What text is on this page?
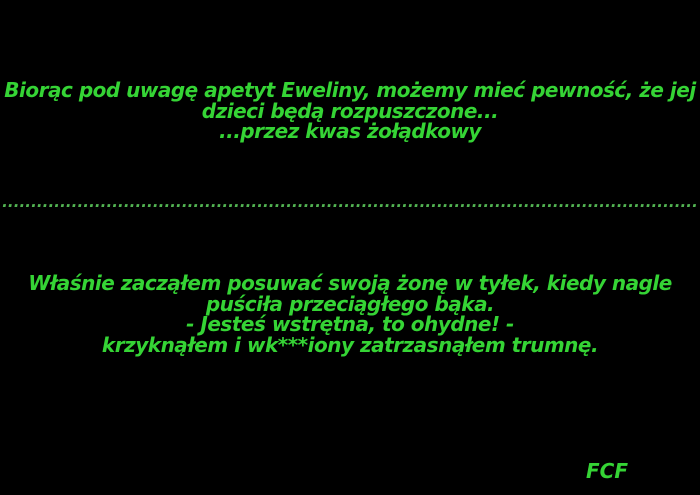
Biorąc pod uwagę apetyt Eweliny, możemy mieć pewność, że jej
dzieci będą rozpuszczone...
...przez kwas żołądkowy
........................................................................................................................
Właśnie zacząłem posuwać swoją żonę w tyłek, kiedy nagle
puściła przeciągłego bąka.
- Jesteś wstrętna, to ohydne! -
krzyknąłem i wk***iony zatrzasnąłem trumnę.
FCF
